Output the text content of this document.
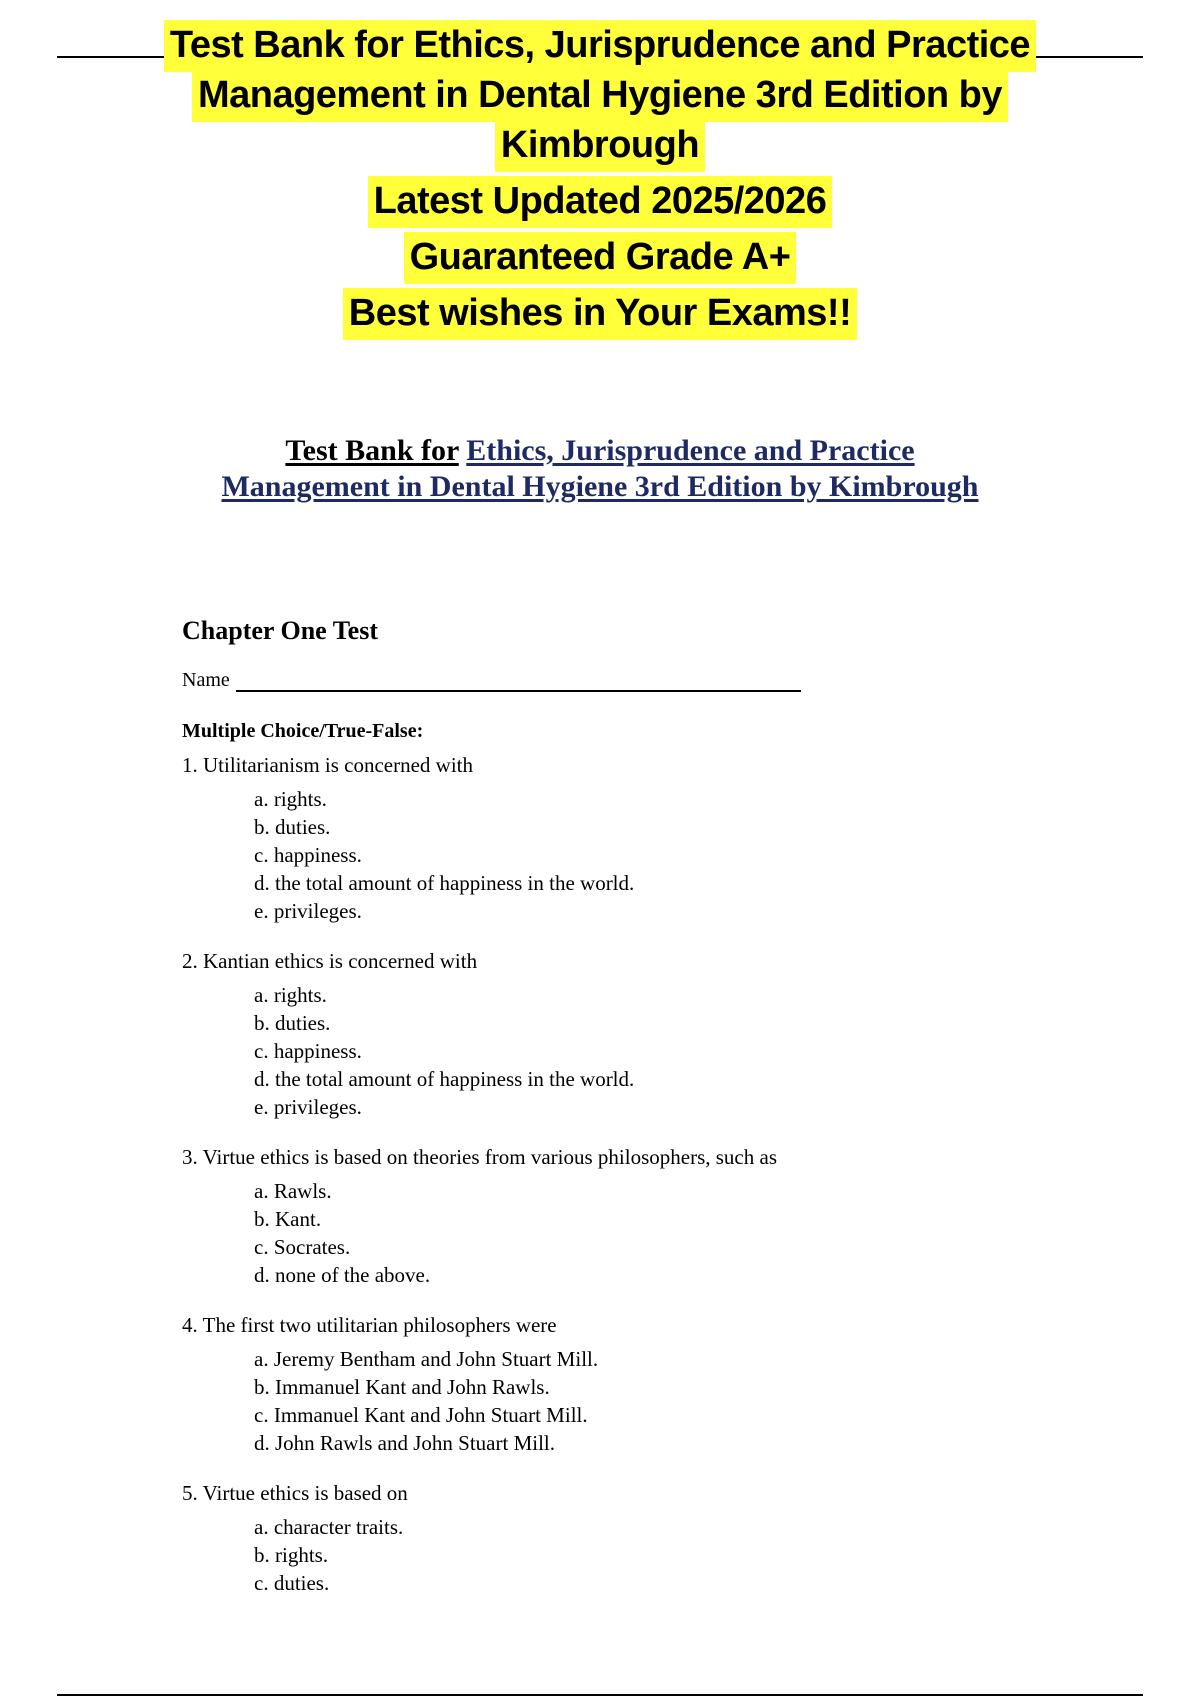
Test Bank for Ethics, Jurisprudence and Practice
Management in Dental Hygiene 3rd Edition by
Kimbrough
Latest Updated 2025/2026
Guaranteed Grade A+
Best wishes in Your Exams!!
Test Bank for Ethics, Jurisprudence and Practice
Management in Dental Hygiene 3rd Edition by Kimbrough

Chapter One Test

Name
Multiple Choice/True-False:
1. Utilitarianism is concerned with
a. rights.
b. duties.
c. happiness.
d. the total amount of happiness in the world.
e. privileges.
2. Kantian ethics is concerned with
a. rights.
b. duties.
c. happiness.
d. the total amount of happiness in the world.
e. privileges.
3. Virtue ethics is based on theories from various philosophers, such as
a. Rawls.
b. Kant.
c. Socrates.
d. none of the above.
4. The first two utilitarian philosophers were
a. Jeremy Bentham and John Stuart Mill.
b. Immanuel Kant and John Rawls.
c. Immanuel Kant and John Stuart Mill.
d. John Rawls and John Stuart Mill.
5. Virtue ethics is based on
a. character traits.
b. rights.
c. duties.
